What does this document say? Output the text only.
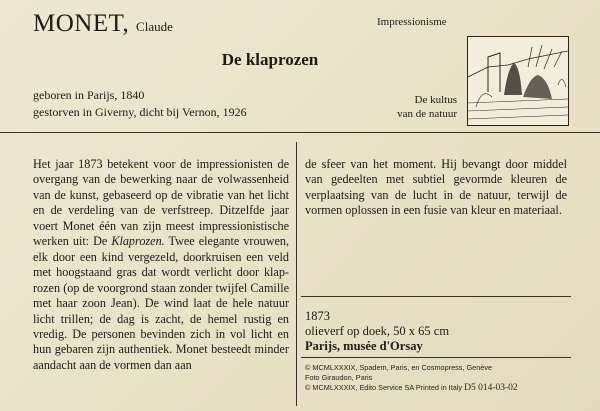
MONET, Claude	Impressionisme
De klaprozen
geboren in Parijs, 1840
gestorven in Giverny, dicht bij Vernon, 1926
De kultus
van de natuur

Het jaar 1873 betekent voor de impressionisten de overgang van de bewerking naar de volwassenheid van de kunst, gebaseerd op de vibratie van het licht en de verdeling van de verfstreep. Ditzelfde jaar voert Monet één van zijn meest impressionistische werken uit: De Klaprozen. Twee elegante vrouwen, elk door een kind vergezeld, doorkruisen een veld met hoogstaand gras dat wordt verlicht door klap-rozen (op de voorgrond staan zonder twijfel Camille met haar zoon Jean). De wind laat de hele natuur licht trillen; de dag is zacht, de hemel rustig en vredig. De personen bevinden zich in vol licht en hun gebaren zijn authentiek. Monet besteedt minder aandacht aan de vormen dan aan

de sfeer van het moment. Hij bevangt door middel van gedeelten met subtiel gevormde kleuren de verplaatsing van de lucht in de natuur, terwijl de vormen oplossen in een fusie van kleur en materiaal.

1873
olieverf op doek, 50 x 65 cm
Parijs, musée d'Orsay
© MCMLXXXIX, Spadem, Paris, en Cosmopress, Genève
Foto Giraudon, Paris
© MCMLXXXIX, Edito Service SA Printed in Italy D5 014-03-02
